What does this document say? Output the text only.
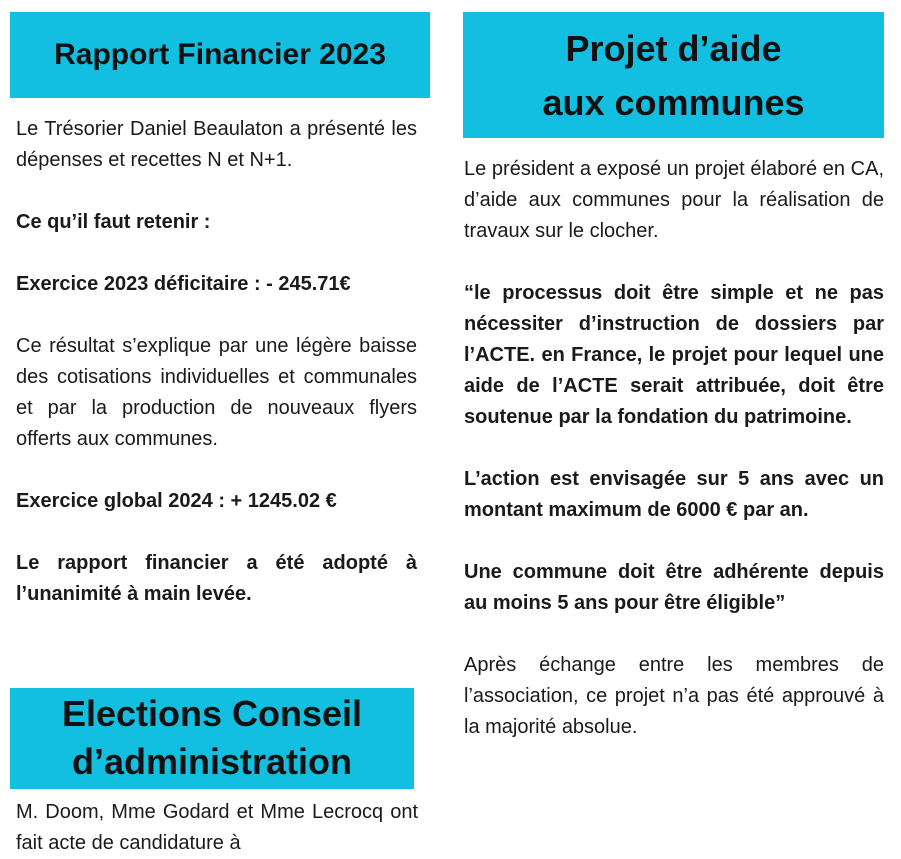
Rapport Financier 2023

Le Trésorier Daniel Beaulaton a présenté les dépenses et recettes N et N+1.

Ce qu’il faut retenir :

Exercice 2023 déficitaire : - 245.71€

Ce résultat s’explique par une légère baisse des cotisations individuelles et communales et par la production de nouveaux flyers offerts aux communes.

Exercice global 2024 : + 1245.02 €

Le rapport financier a été adopté à l’unanimité à main levée.

Elections Conseil
d’administration

M. Doom, Mme Godard et Mme Lecrocq ont fait acte de candidature à

Projet d’aide
aux communes

Le président a exposé un projet élaboré en CA, d’aide aux communes pour la réalisation de travaux sur le clocher.

“le processus doit être simple et ne pas nécessiter d’instruction de dossiers par l’ACTE. en France, le projet pour lequel une aide de l’ACTE serait attribuée, doit être soutenue par la fondation du patrimoine.

L’action est envisagée sur 5 ans avec un montant maximum de 6000 € par an.

Une commune doit être adhérente depuis au moins 5 ans pour être éligible”

Après échange entre les membres de l’association, ce projet n’a pas été approuvé à la majorité absolue.
